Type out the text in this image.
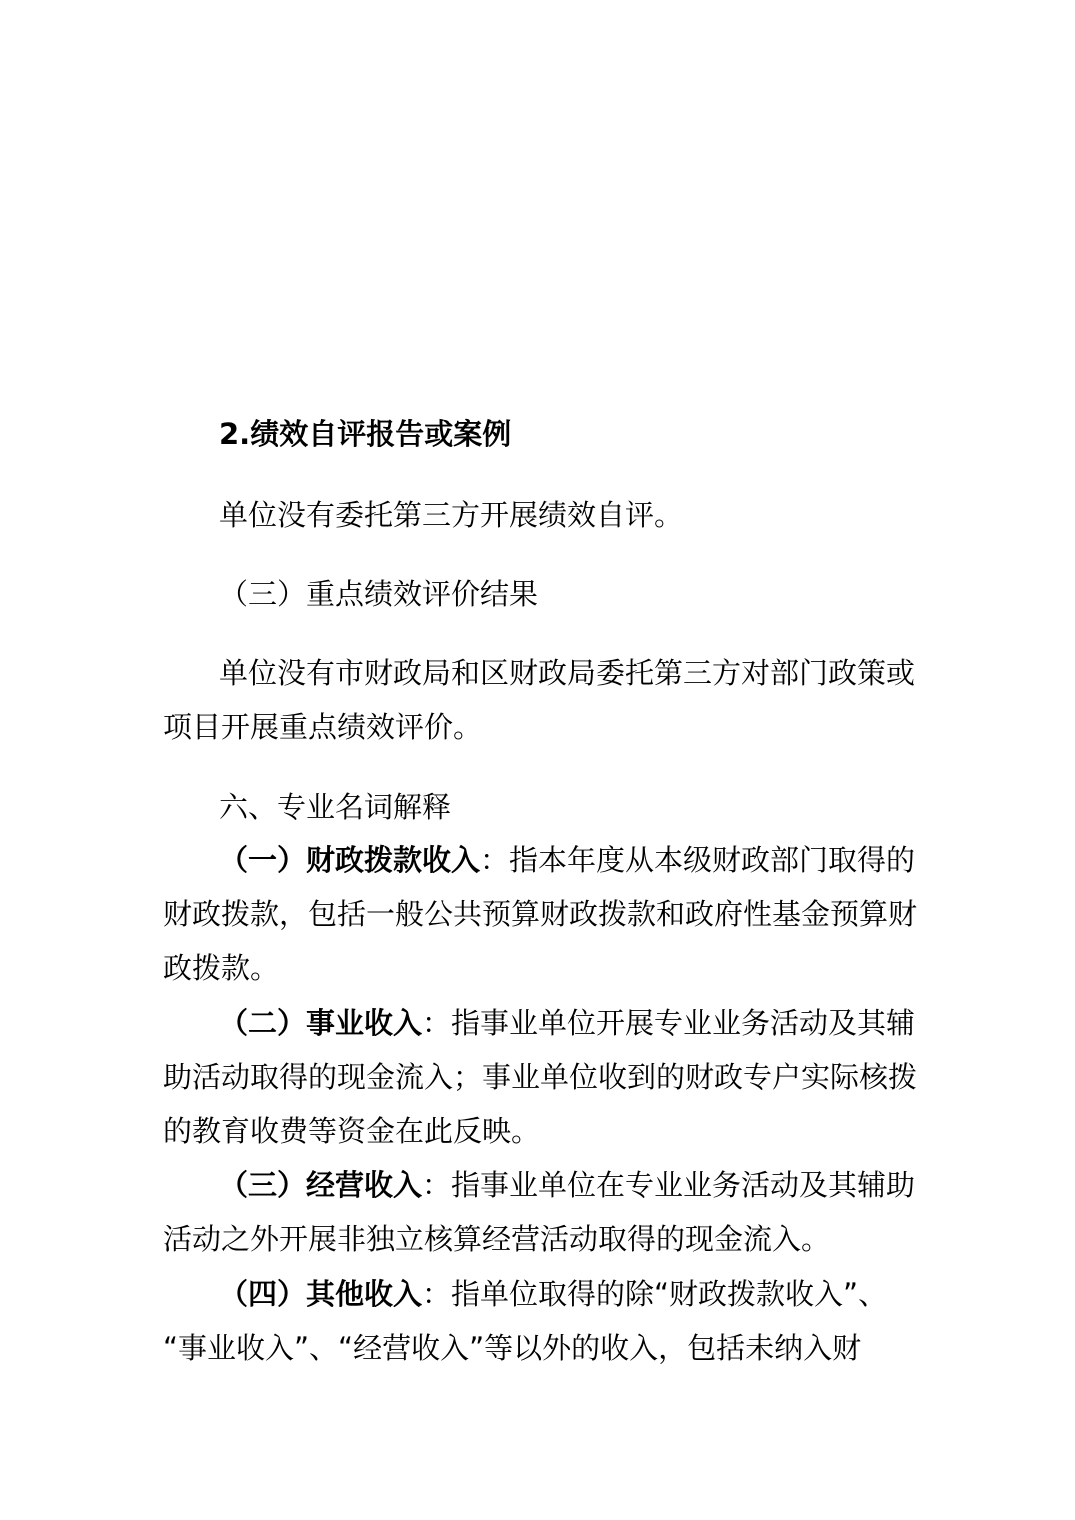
2.绩效自评报告或案例
单位没有委托第三方开展绩效自评。
（三）重点绩效评价结果
单位没有市财政局和区财政局委托第三方对部门政策或
项目开展重点绩效评价。
六、专业名词解释
（一）财政拨款收入：指本年度从本级财政部门取得的
财政拨款，包括一般公共预算财政拨款和政府性基金预算财
政拨款。
（二）事业收入：指事业单位开展专业业务活动及其辅
助活动取得的现金流入；事业单位收到的财政专户实际核拨
的教育收费等资金在此反映。
（三）经营收入：指事业单位在专业业务活动及其辅助
活动之外开展非独立核算经营活动取得的现金流入。
（四）其他收入：指单位取得的除“财政拨款收入”、
“事业收入”、“经营收入”等以外的收入，包括未纳入财
